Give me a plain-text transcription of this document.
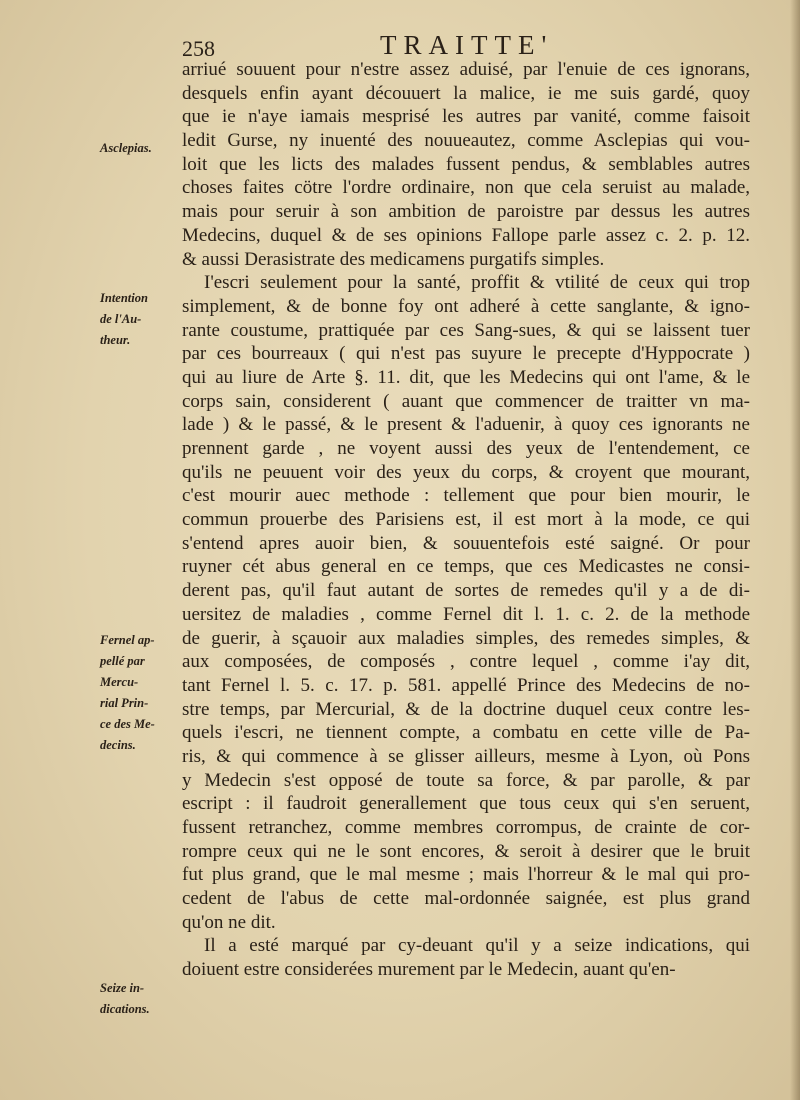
258	TRAITTE'
Asclepias.
Intention
de l'Au-
theur.
Fernel ap-
pellé par
Mercu-
rial Prin-
ce des Me-
decins.
Seize in-
dications.
arriué souuent pour n'estre assez aduisé, par l'enuie de ces ignorans,
desquels enfin ayant découuert la malice, ie me suis gardé, quoy
que ie n'aye iamais mesprisé les autres par vanité, comme faisoit
ledit Gurse, ny inuenté des nouueautez, comme Asclepias qui vou-
loit que les licts des malades fussent pendus, & semblables autres
choses faites cötre l'ordre ordinaire, non que cela seruist au malade,
mais pour seruir à son ambition de paroistre par dessus les autres
Medecins, duquel & de ses opinions Fallope parle assez c. 2. p. 12.
& aussi Derasistrate des medicamens purgatifs simples.
I'escri seulement pour la santé, proffit & vtilité de ceux qui trop
simplement, & de bonne foy ont adheré à cette sanglante, & igno-
rante coustume, prattiquée par ces Sang-sues, & qui se laissent tuer
par ces bourreaux ( qui n'est pas suyure le precepte d'Hyppocrate )
qui au liure de Arte §. 11. dit, que les Medecins qui ont l'ame, & le
corps sain, considerent ( auant que commencer de traitter vn ma-
lade ) & le passé, & le present & l'aduenir, à quoy ces ignorants ne
prennent garde , ne voyent aussi des yeux de l'entendement, ce
qu'ils ne peuuent voir des yeux du corps, & croyent que mourant,
c'est mourir auec methode : tellement que pour bien mourir, le
commun prouerbe des Parisiens est, il est mort à la mode, ce qui
s'entend apres auoir bien, & souuentefois esté saigné. Or pour
ruyner cét abus general en ce temps, que ces Medicastes ne consi-
derent pas, qu'il faut autant de sortes de remedes qu'il y a de di-
uersitez de maladies , comme Fernel dit l. 1. c. 2. de la methode
de guerir, à sçauoir aux maladies simples, des remedes simples, &
aux composées, de composés , contre lequel , comme i'ay dit,
tant Fernel l. 5. c. 17. p. 581. appellé Prince des Medecins de no-
stre temps, par Mercurial, & de la doctrine duquel ceux contre les-
quels i'escri, ne tiennent compte, a combatu en cette ville de Pa-
ris, & qui commence à se glisser ailleurs, mesme à Lyon, où Pons
y Medecin s'est opposé de toute sa force, & par parolle, & par
escript : il faudroit generallement que tous ceux qui s'en seruent,
fussent retranchez, comme membres corrompus, de crainte de cor-
rompre ceux qui ne le sont encores, & seroit à desirer que le bruit
fut plus grand, que le mal mesme ; mais l'horreur & le mal qui pro-
cedent de l'abus de cette mal-ordonnée saignée, est plus grand
qu'on ne dit.
Il a esté marqué par cy-deuant qu'il y a seize indications, qui
doiuent estre considerées murement par le Medecin, auant qu'en-
